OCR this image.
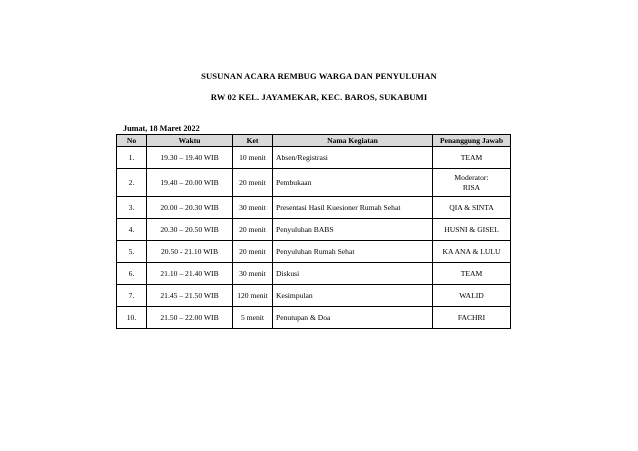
SUSUNAN ACARA REMBUG WARGA DAN PENYULUHAN
RW 02 KEL. JAYAMEKAR, KEC. BAROS, SUKABUMI
Jumat, 18 Maret 2022
No	Waktu	Ket	Nama Kegiatan	Penanggung Jawab
1.	19.30 – 19.40 WIB	10 menit	Absen/Registrasi	TEAM
2.	19.40 – 20.00 WIB	20 menit	Pembukaan	Moderator:
RISA

3.	20.00 – 20.30 WIB	30 menit	Presentasi Hasil Kuesioner Rumah Sehat	QIA & SINTA
4.	20.30 – 20.50 WIB	20 menit	Penyuluhan BABS	HUSNI & GISEL
5.	20.50 - 21.10 WIB	20 menit	Penyuluhan Rumah Sehat	KA ANA & LULU
6.	21.10 – 21.40 WIB	30 menit	Diskusi	TEAM
7.	21.45 – 21.50 WIB	120 menit	Kesimpulan	WALID
10.	21.50 – 22.00 WIB	5 menit	Penutupan & Doa	FACHRI
